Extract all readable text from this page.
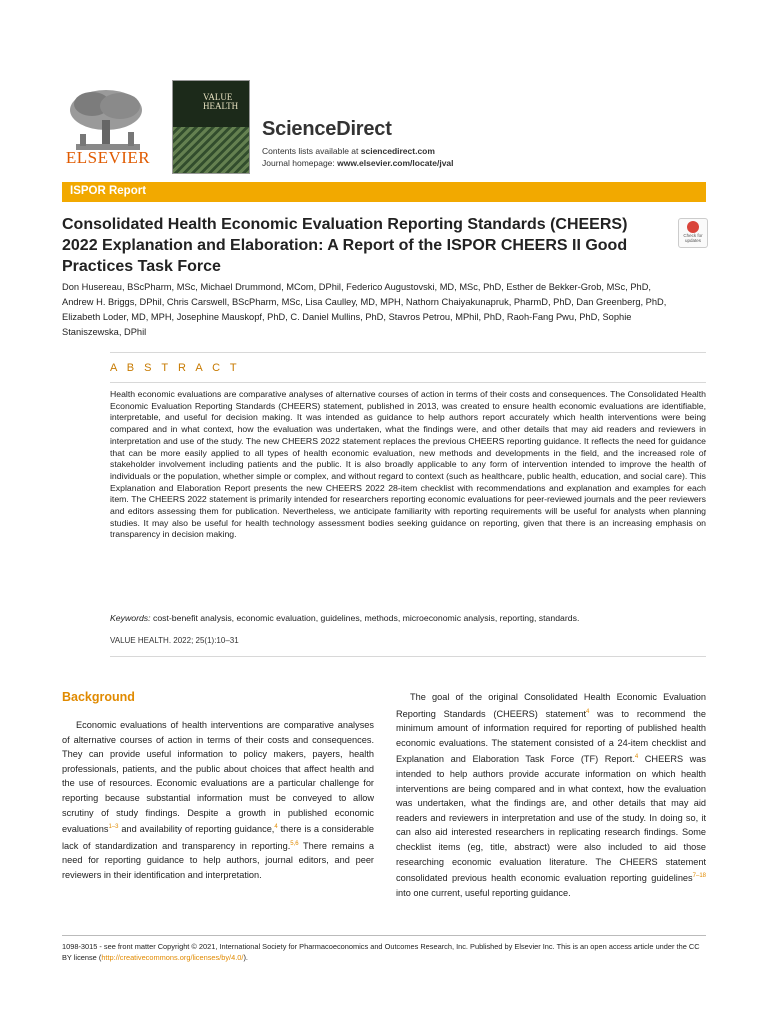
ELSEVIER
VALUE
HEALTH
ScienceDirect
Contents lists available at sciencedirect.com
Journal homepage: www.elsevier.com/locate/jval
ISPOR Report
Consolidated Health Economic Evaluation Reporting Standards (CHEERS) 2022 Explanation and Elaboration: A Report of the ISPOR CHEERS II Good Practices Task Force
Check for updates
Don Husereau, BScPharm, MSc, Michael Drummond, MCom, DPhil, Federico Augustovski, MD, MSc, PhD, Esther de Bekker-Grob, MSc, PhD, Andrew H. Briggs, DPhil, Chris Carswell, BScPharm, MSc, Lisa Caulley, MD, MPH, Nathorn Chaiyakunapruk, PharmD, PhD, Dan Greenberg, PhD, Elizabeth Loder, MD, MPH, Josephine Mauskopf, PhD, C. Daniel Mullins, PhD, Stavros Petrou, MPhil, PhD, Raoh-Fang Pwu, PhD, Sophie Staniszewska, DPhil
A B S T R A C T
Health economic evaluations are comparative analyses of alternative courses of action in terms of their costs and consequences. The Consolidated Health Economic Evaluation Reporting Standards (CHEERS) statement, published in 2013, was created to ensure health economic evaluations are identifiable, interpretable, and useful for decision making. It was intended as guidance to help authors report accurately which health interventions were being compared and in what context, how the evaluation was undertaken, what the findings were, and other details that may aid readers and reviewers in interpretation and use of the study. The new CHEERS 2022 statement replaces the previous CHEERS reporting guidance. It reflects the need for guidance that can be more easily applied to all types of health economic evaluation, new methods and developments in the field, and the increased role of stakeholder involvement including patients and the public. It is also broadly applicable to any form of intervention intended to improve the health of individuals or the population, whether simple or complex, and without regard to context (such as healthcare, public health, education, and social care). This Explanation and Elaboration Report presents the new CHEERS 2022 28-item checklist with recommendations and explanation and examples for each item. The CHEERS 2022 statement is primarily intended for researchers reporting economic evaluations for peer-reviewed journals and the peer reviewers and editors assessing them for publication. Nevertheless, we anticipate familiarity with reporting requirements will be useful for analysts when planning studies. It may also be useful for health technology assessment bodies seeking guidance on reporting, given that there is an increasing emphasis on transparency in decision making.
Keywords: cost-benefit analysis, economic evaluation, guidelines, methods, microeconomic analysis, reporting, standards.
VALUE HEALTH. 2022; 25(1):10–31
Background
Economic evaluations of health interventions are comparative analyses of alternative courses of action in terms of their costs and consequences. They can provide useful information to policy makers, payers, health professionals, patients, and the public about choices that affect health and the use of resources. Economic evaluations are a particular challenge for reporting because substantial information must be conveyed to allow scrutiny of study findings. Despite a growth in published economic evaluations$^{1-3}$ and availability of reporting guidance,$^4$ there is a considerable lack of standardization and transparency in reporting.$^{5,6}$ There remains a need for reporting guidance to help authors, journal editors, and peer reviewers in their identification and interpretation.
The goal of the original Consolidated Health Economic Evaluation Reporting Standards (CHEERS) statement$^4$ was to recommend the minimum amount of information required for reporting of published health economic evaluations. The statement consisted of a 24-item checklist and Explanation and Elaboration Task Force (TF) Report.$^4$ CHEERS was intended to help authors provide accurate information on which health interventions are being compared and in what context, how the evaluation was undertaken, what the findings are, and other details that may aid readers and reviewers in interpretation and use of the study. In doing so, it can also aid interested researchers in replicating research findings. Some checklist items (eg, title, abstract) were also included to aid those researching economic evaluation literature. The CHEERS statement consolidated previous health economic evaluation reporting guidelines$^{7-18}$ into one current, useful reporting guidance.
1098-3015 - see front matter Copyright © 2021, International Society for Pharmacoeconomics and Outcomes Research, Inc. Published by Elsevier Inc. This is an open access article under the CC BY license (http://creativecommons.org/licenses/by/4.0/).
